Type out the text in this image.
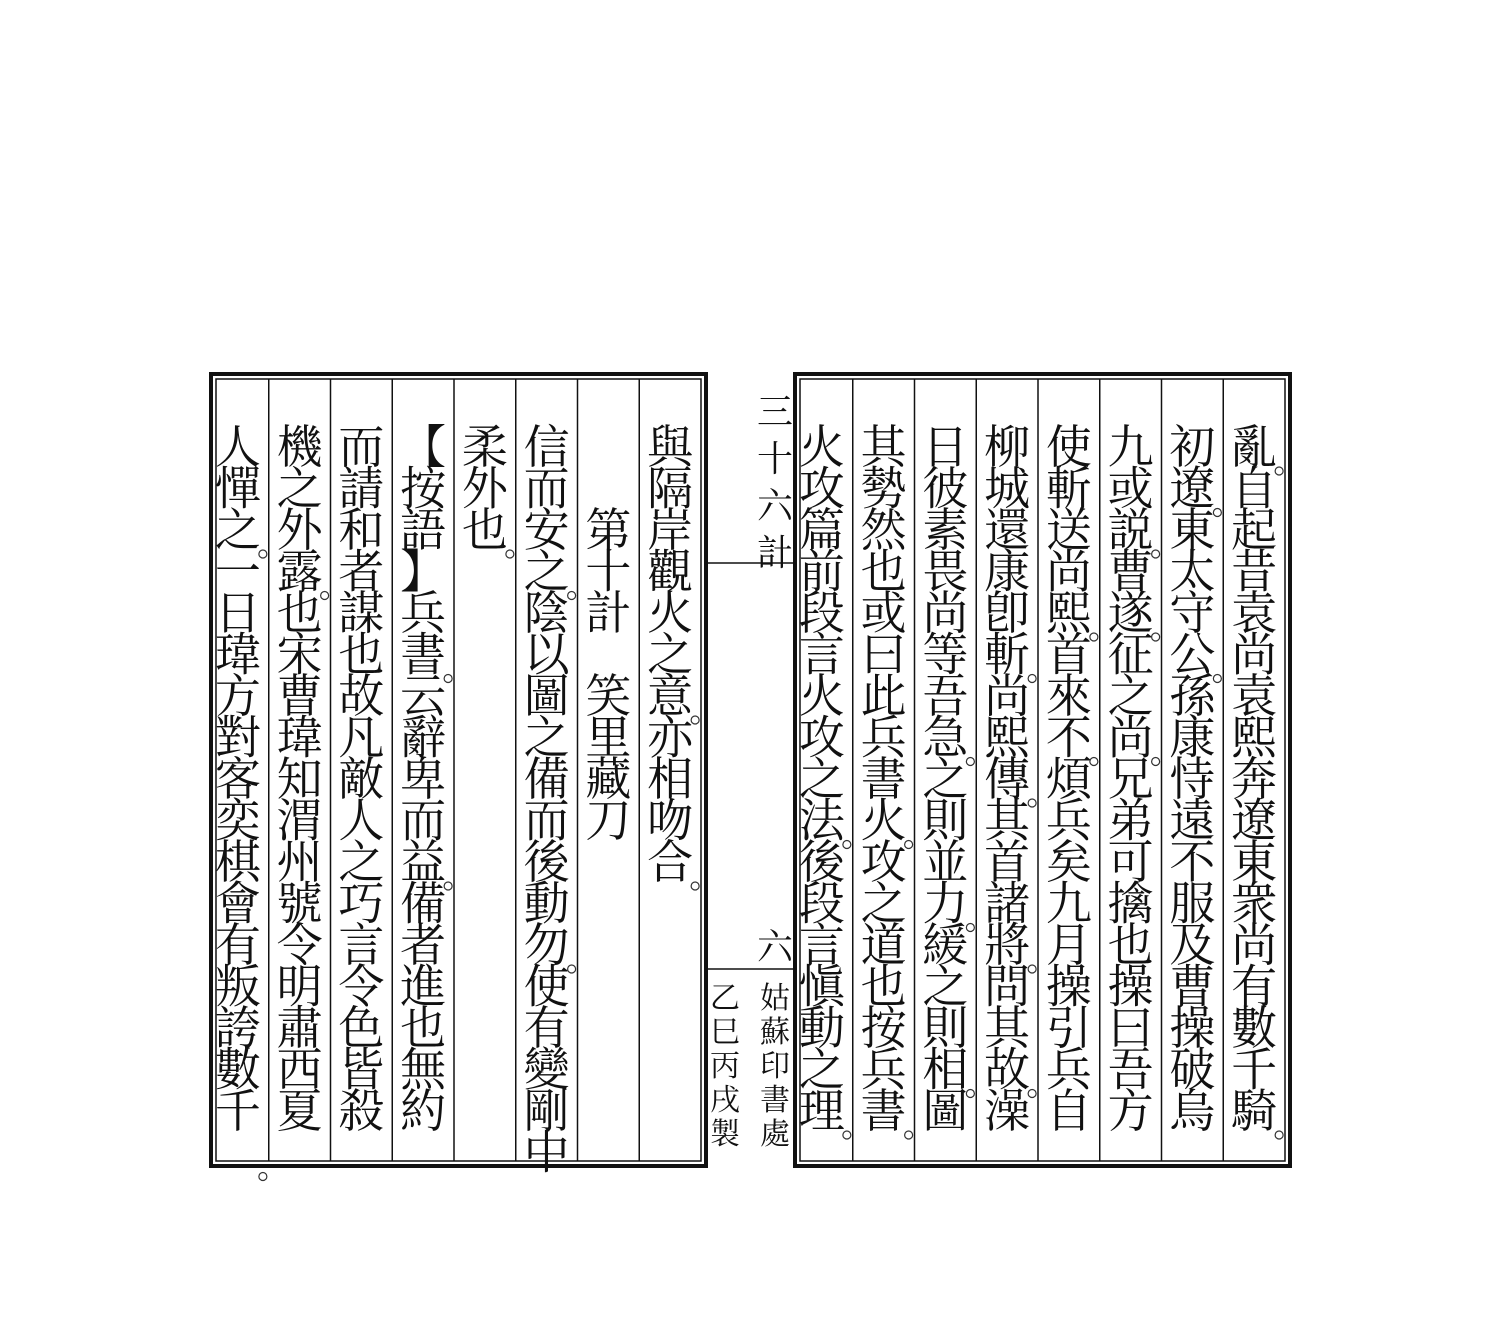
亂
自
起
昔
袁
尚
袁
熙
奔
遼
東
衆
尚
有
數
千
騎
初
遼
東
太
守
公
孫
康
恃
遠
不
服
及
曹
操
破
烏
九
或
説
曹
遂
征
之
尚
兄
弟
可
擒
也
操
曰
吾
方
使
斬
送
尚
熙
首
來
不
煩
兵
矣
九
月
操
引
兵
自
柳
城
還
康
卽
斬
尚
熙
傳
其
首
諸
將
問
其
故
澡
日
彼
素
畏
尚
等
吾
急
之
則
並
力
緩
之
則
相
圖
其
勢
然
也
或
曰
此
兵
書
火
攻
之
道
也
按
兵
書
火
攻
篇
前
段
言
火
攻
之
法
後
段
言
愼
動
之
理
與
隔
岸
觀
火
之
意
亦
相
吻
合
第
十
計
笑
里
藏
刀
信
而
安
之
陰
以
圖
之
備
而
後
動
勿
使
有
變
剛
中
柔
外
也
【
按
語
】
兵
書
云
辭
卑
而
益
備
者
進
也
無
約
而
請
和
者
謀
也
故
凡
敵
人
之
巧
言
令
色
皆
殺
機
之
外
露
也
宋
曹
瑋
知
渭
州
號
令
明
肅
西
夏
人
憚
之
一
日
瑋
方
對
客
奕
棋
會
有
叛
誇
數
千
三
十
六
計
六
姑
蘇
印
書
處
乙
巳
丙
戌
製
